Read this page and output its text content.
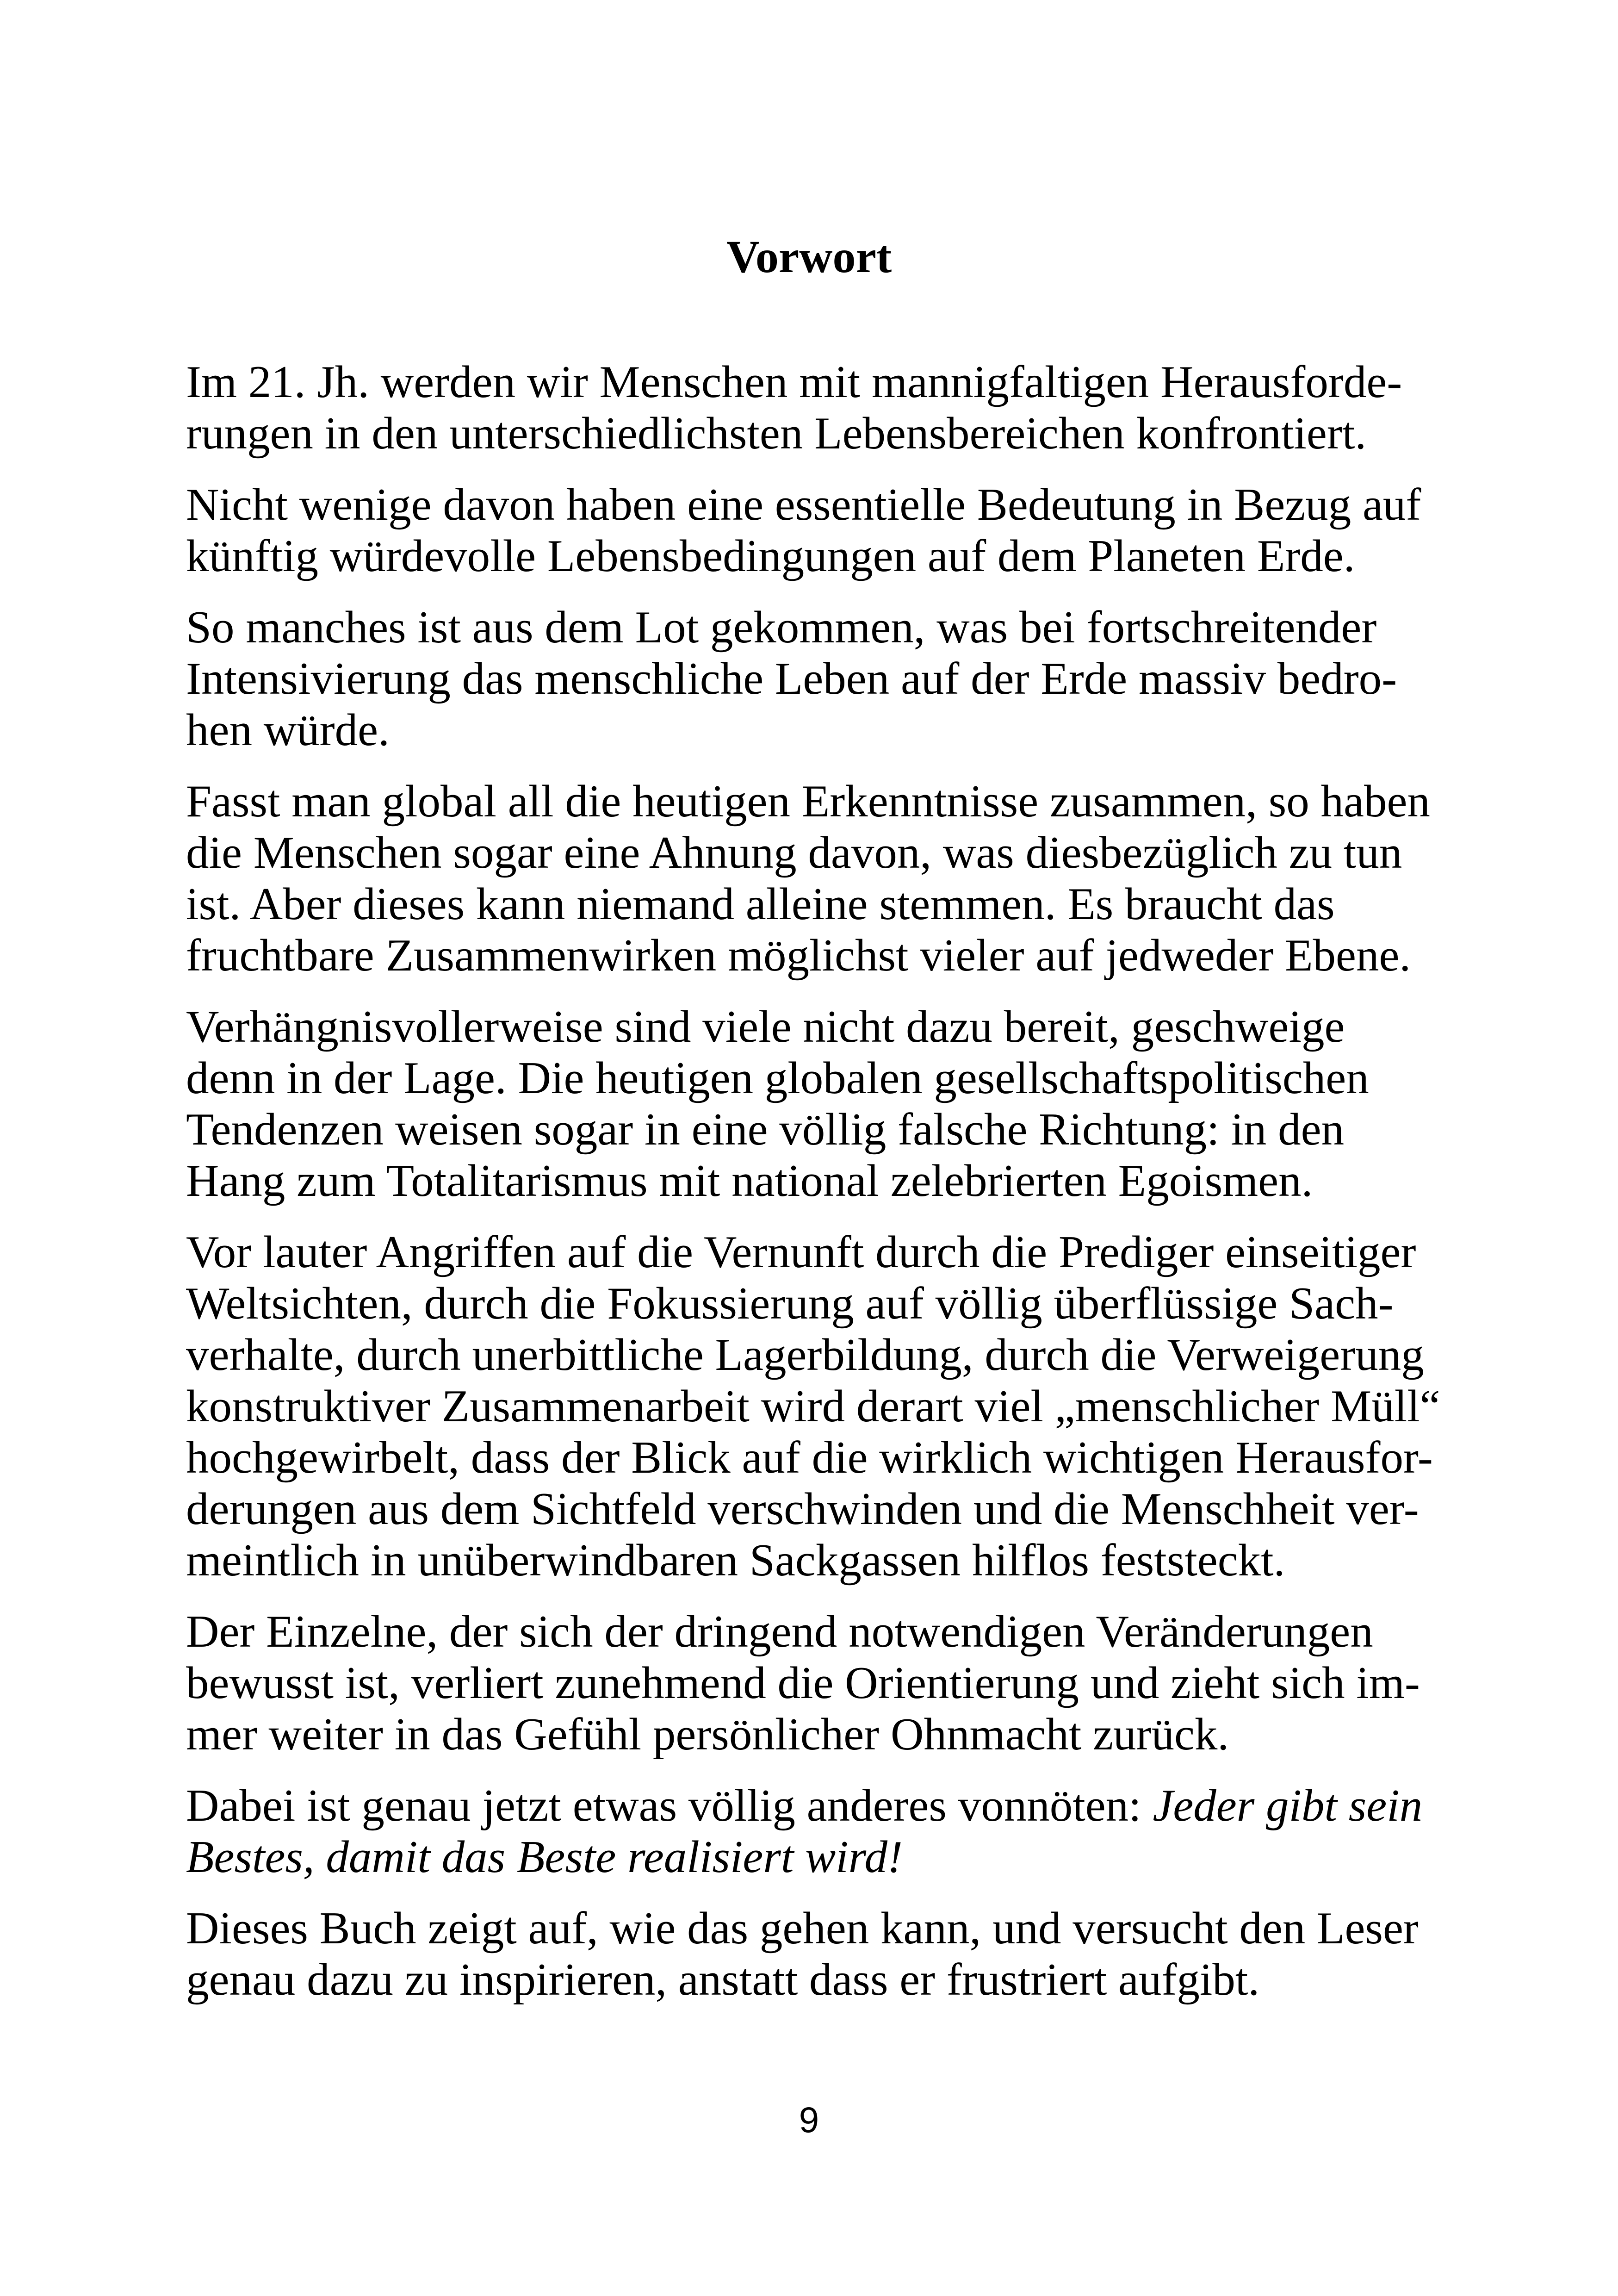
Vorwort

Im 21. Jh. werden wir Menschen mit mannigfaltigen Herausforde-
rungen in den unterschiedlichsten Lebensbereichen konfrontiert.

Nicht wenige davon haben eine essentielle Bedeutung in Bezug auf
künftig würdevolle Lebensbedingungen auf dem Planeten Erde.

So manches ist aus dem Lot gekommen, was bei fortschreitender
Intensivierung das menschliche Leben auf der Erde massiv bedro-
hen würde.

Fasst man global all die heutigen Erkenntnisse zusammen, so haben
die Menschen sogar eine Ahnung davon, was diesbezüglich zu tun
ist. Aber dieses kann niemand alleine stemmen. Es braucht das
fruchtbare Zusammenwirken möglichst vieler auf jedweder Ebene.

Verhängnisvollerweise sind viele nicht dazu bereit, geschweige
denn in der Lage. Die heutigen globalen gesellschaftspolitischen
Tendenzen weisen sogar in eine völlig falsche Richtung: in den
Hang zum Totalitarismus mit national zelebrierten Egoismen.

Vor lauter Angriffen auf die Vernunft durch die Prediger einseitiger
Weltsichten, durch die Fokussierung auf völlig überflüssige Sach-
verhalte, durch unerbittliche Lagerbildung, durch die Verweigerung
konstruktiver Zusammenarbeit wird derart viel „menschlicher Müll“
hochgewirbelt, dass der Blick auf die wirklich wichtigen Herausfor-
derungen aus dem Sichtfeld verschwinden und die Menschheit ver-
meintlich in unüberwindbaren Sackgassen hilflos feststeckt.

Der Einzelne, der sich der dringend notwendigen Veränderungen
bewusst ist, verliert zunehmend die Orientierung und zieht sich im-
mer weiter in das Gefühl persönlicher Ohnmacht zurück.

Dabei ist genau jetzt etwas völlig anderes vonnöten: Jeder gibt sein
Bestes, damit das Beste realisiert wird!

Dieses Buch zeigt auf, wie das gehen kann, und versucht den Leser
genau dazu zu inspirieren, anstatt dass er frustriert aufgibt.

9
